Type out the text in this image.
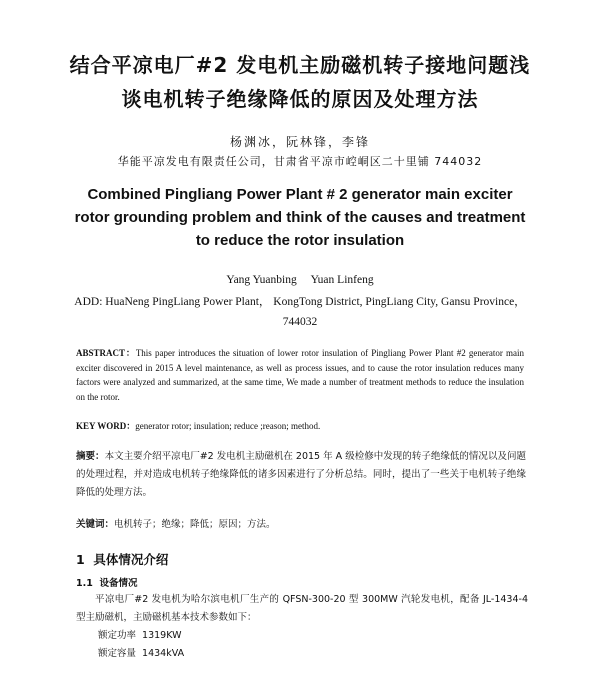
结合平凉电厂#2 发电机主励磁机转子接地问题浅
谈电机转子绝缘降低的原因及处理方法
杨渊冰，阮林锋，李锋
华能平凉发电有限责任公司，甘肃省平凉市崆峒区二十里铺 744032
Combined Pingliang Power Plant # 2 generator main exciter
rotor grounding problem and think of the causes and treatment
to reduce the rotor insulation
Yang Yuanbing     Yuan Linfeng
ADD: HuaNeng PingLiang Power Plant， KongTong District, PingLiang City, Gansu Province，744032
ABSTRACT：This paper introduces the situation of lower rotor insulation of Pingliang Power Plant #2 generator main exciter discovered in 2015 A level maintenance, as well as process issues, and to cause the rotor insulation reduces many factors were analyzed and summarized, at the same time, We made a number of treatment methods to reduce the insulation on the rotor.
KEY WORD：generator rotor; insulation; reduce ;reason; method.
摘要：本文主要介绍平凉电厂#2 发电机主励磁机在 2015 年 A 级检修中发现的转子绝缘低的情况以及问题的处理过程，并对造成电机转子绝缘降低的诸多因素进行了分析总结。同时，提出了一些关于电机转子绝缘降低的处理方法。
关键词：电机转子；绝缘；降低；原因；方法。
1  具体情况介绍
1.1  设备情况
平凉电厂#2 发电机为哈尔滨电机厂生产的 QFSN-300-20 型 300MW 汽轮发电机，配备 JL-1434-4 型主励磁机，主励磁机基本技术参数如下：
额定功率  1319KW
额定容量  1434kVA
